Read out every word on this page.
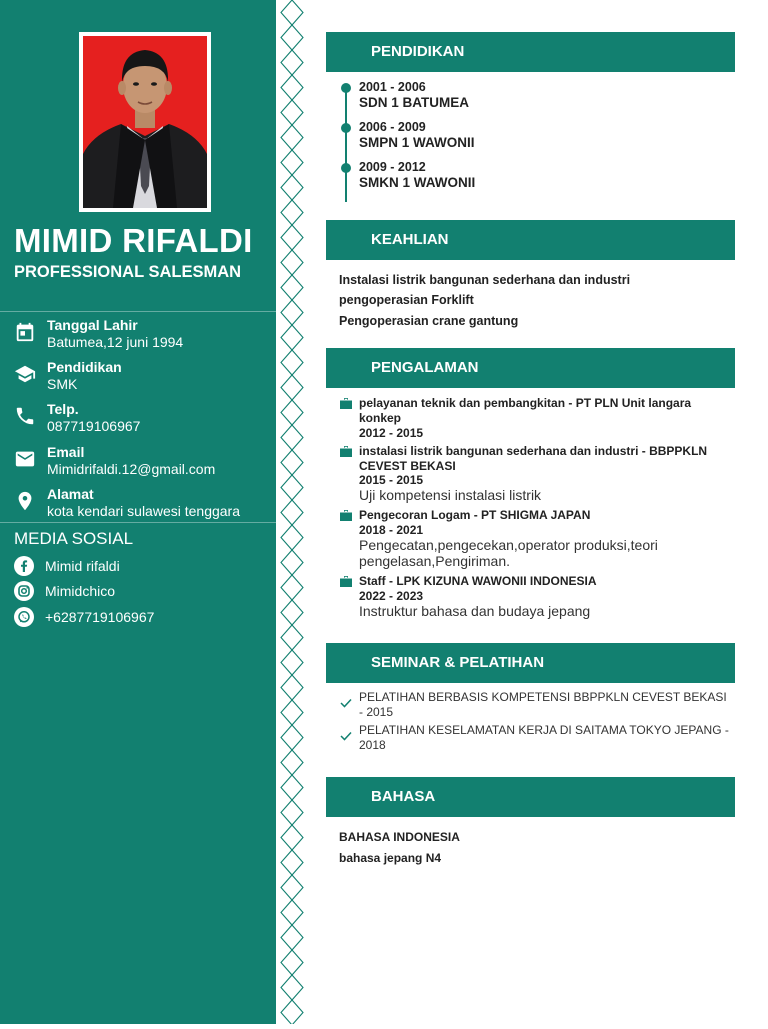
MIMID RIFALDI
PROFESSIONAL SALESMAN
Tanggal Lahir
Batumea,12 juni 1994
Pendidikan
SMK
Telp.
087719106967
Email
Mimidrifaldi.12@gmail.com
Alamat
kota kendari sulawesi tenggara
MEDIA SOSIAL
Mimid rifaldi
Mimidchico
+6287719106967
PENDIDIKAN
2001 - 2006
SDN 1 BATUMEA
2006 - 2009
SMPN 1 WAWONII
2009 - 2012
SMKN 1 WAWONII
KEAHLIAN
Instalasi listrik bangunan sederhana dan industri
pengoperasian Forklift
Pengoperasian crane gantung
PENGALAMAN
pelayanan teknik dan pembangkitan - PT PLN Unit langara konkep
2012 - 2015
instalasi listrik bangunan sederhana dan industri - BBPPKLN CEVEST BEKASI
2015 - 2015
Uji kompetensi instalasi listrik
Pengecoran Logam - PT SHIGMA JAPAN
2018 - 2021
Pengecatan,pengecekan,operator produksi,teori pengelasan,Pengiriman.
Staff - LPK KIZUNA WAWONII INDONESIA
2022 - 2023
Instruktur bahasa dan budaya jepang
SEMINAR & PELATIHAN
PELATIHAN BERBASIS KOMPETENSI BBPPKLN CEVEST BEKASI - 2015
PELATIHAN KESELAMATAN KERJA DI SAITAMA TOKYO JEPANG - 2018
BAHASA
BAHASA INDONESIA
bahasa jepang N4
